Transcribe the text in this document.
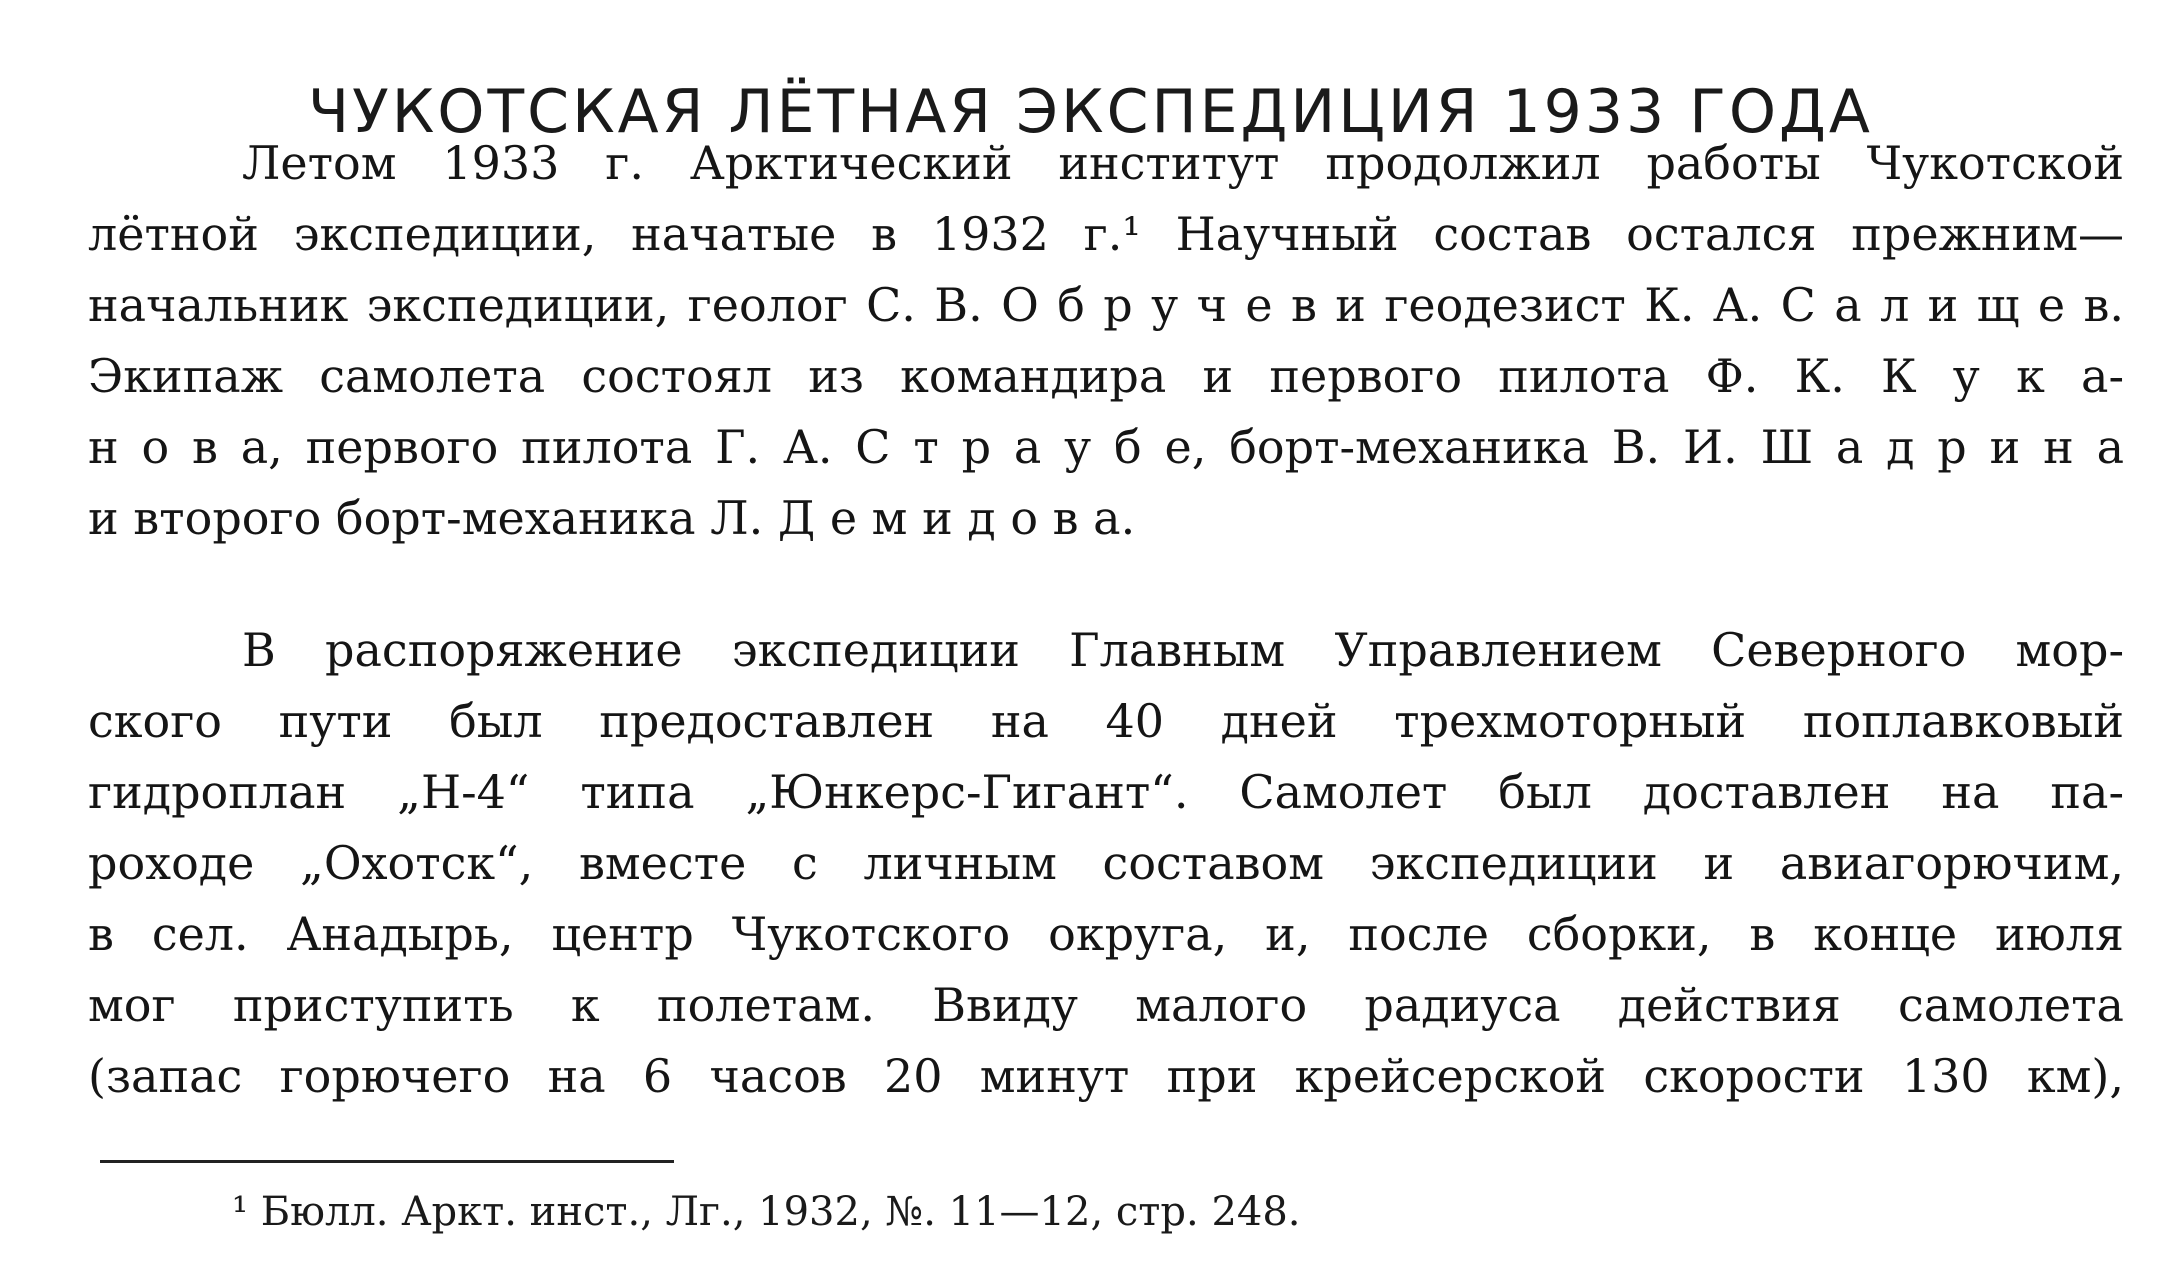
ЧУКОТСКАЯ ЛЁТНАЯ ЭКСПЕДИЦИЯ 1933 ГОДА
Летом 1933 г. Арктический институт продолжил работы Чукотской
лётной экспедиции, начатые в 1932 г.¹ Научный состав остался прежним—
начальник экспедиции, геолог С. В. О б р у ч е в и геодезист К. А. С а л и щ е в.
Экипаж самолета состоял из командира и первого пилота Ф. К. К у к а-
н о в а, первого пилота Г. А. С т р а у б е, борт-механика В. И. Ш а д р и н а
и второго борт-механика Л. Д е м и д о в а.
В распоряжение экспедиции Главным Управлением Северного мор-
ского пути был предоставлен на 40 дней трехмоторный поплавковый
гидроплан „Н-4“ типа „Юнкерс-Гигант“. Самолет был доставлен на па-
роходе „Охотск“, вместе с личным составом экспедиции и авиагорючим,
в сел. Анадырь, центр Чукотского округа, и, после сборки, в конце июля
мог приступить к полетам. Ввиду малого радиуса действия самолета
(запас горючего на 6 часов 20 минут при крейсерской скорости 130 км),
¹ Бюлл. Аркт. инст., Лг., 1932, №. 11—12, стр. 248.
